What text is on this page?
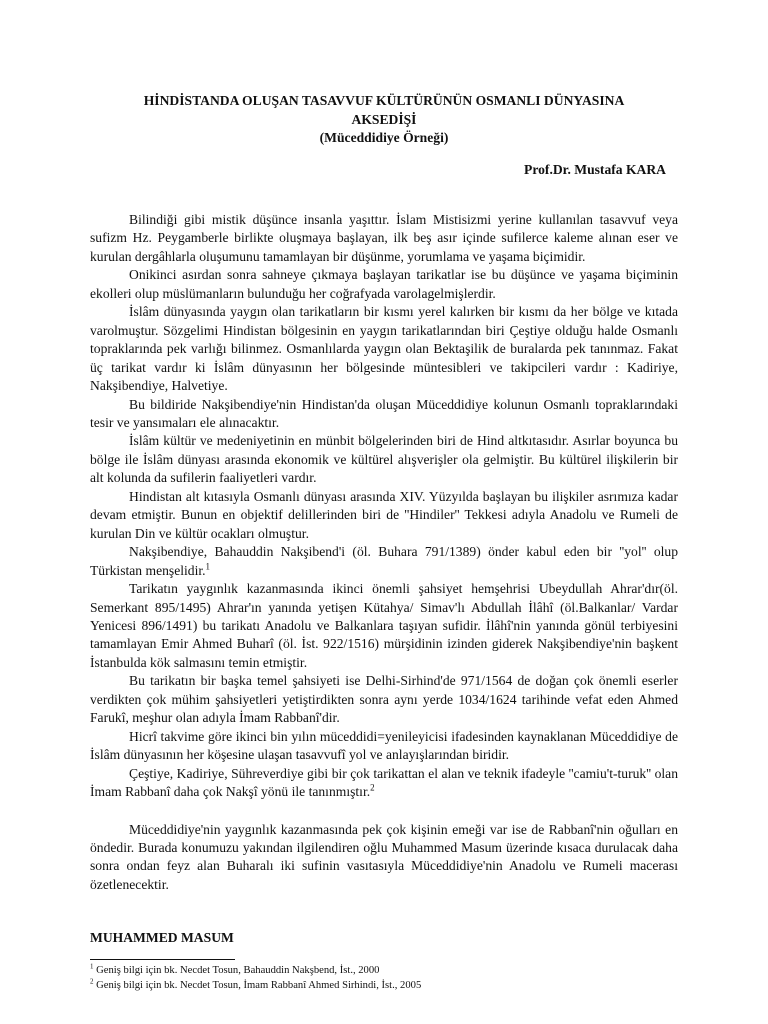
HİNDİSTANDA OLUŞAN TASAVVUF KÜLTÜRÜNÜN OSMANLI DÜNYASINA
AKSEDİŞİ
(Müceddidiye Örneği)
Prof.Dr. Mustafa KARA

Bilindiği gibi mistik düşünce insanla yaşıttır. İslam Mistisizmi yerine kullanılan tasavvuf veya sufizm Hz. Peygamberle birlikte oluşmaya başlayan, ilk beş asır içinde sufilerce kaleme alınan eser ve kurulan dergâhlarla oluşumunu tamamlayan bir düşünme, yorumlama ve yaşama biçimidir.

Onikinci asırdan sonra sahneye çıkmaya başlayan tarikatlar ise bu düşünce ve yaşama biçiminin ekolleri olup müslümanların bulunduğu her coğrafyada varolagelmişlerdir.

İslâm dünyasında yaygın olan tarikatların bir kısmı yerel kalırken bir kısmı da her bölge ve kıtada varolmuştur. Sözgelimi Hindistan bölgesinin en yaygın tarikatlarından biri Çeştiye olduğu halde Osmanlı topraklarında pek varlığı bilinmez. Osmanlılarda yaygın olan Bektaşilik de buralarda pek tanınmaz. Fakat üç tarikat vardır ki İslâm dünyasının her bölgesinde müntesibleri ve takipcileri vardır : Kadiriye, Nakşibendiye, Halvetiye.

Bu bildiride Nakşibendiye'nin Hindistan'da oluşan Müceddidiye kolunun Osmanlı topraklarındaki tesir ve yansımaları ele alınacaktır.

İslâm kültür ve medeniyetinin en münbit bölgelerinden biri de Hind altkıtasıdır. Asırlar boyunca bu bölge ile İslâm dünyası arasında ekonomik ve kültürel alışverişler ola gelmiştir. Bu kültürel ilişkilerin bir alt kolunda da sufilerin faaliyetleri vardır.

Hindistan alt kıtasıyla Osmanlı dünyası arasında XIV. Yüzyılda başlayan bu ilişkiler asrımıza kadar devam etmiştir. Bunun en objektif delillerinden biri de ''Hindiler'' Tekkesi adıyla Anadolu ve Rumeli de kurulan Din ve kültür ocakları olmuştur.

Nakşibendiye, Bahauddin Nakşibend'i (öl. Buhara 791/1389) önder kabul eden bir ''yol'' olup Türkistan menşelidir.$^1$

Tarikatın yaygınlık kazanmasında ikinci önemli şahsiyet hemşehrisi Ubeydullah Ahrar'dır(öl. Semerkant 895/1495) Ahrar'ın yanında yetişen Kütahya/ Simav'lı Abdullah İlâhî (öl.Balkanlar/ Vardar Yenicesi 896/1491) bu tarikatı Anadolu ve Balkanlara taşıyan sufidir. İlâhî'nin yanında gönül terbiyesini tamamlayan Emir Ahmed Buharî (öl. İst. 922/1516) mürşidinin izinden giderek Nakşibendiye'nin başkent İstanbulda kök salmasını temin etmiştir.

Bu tarikatın bir başka temel şahsiyeti ise Delhi-Sirhind'de 971/1564 de doğan çok önemli eserler verdikten çok mühim şahsiyetleri yetiştirdikten sonra aynı yerde 1034/1624 tarihinde vefat eden Ahmed Farukî, meşhur olan adıyla İmam Rabbanî'dir.

Hicrî takvime göre ikinci bin yılın müceddidi=yenileyicisi ifadesinden kaynaklanan Müceddidiye de İslâm dünyasının her köşesine ulaşan tasavvufî yol ve anlayışlarından biridir.

Çeştiye, Kadiriye, Sühreverdiye gibi bir çok tarikattan el alan ve teknik ifadeyle ''camiu't-turuk'' olan İmam Rabbanî daha çok Nakşî yönü ile tanınmıştır.$^2$

Müceddidiye'nin yaygınlık kazanmasında pek çok kişinin emeği var ise de Rabbanî'nin oğulları en öndedir. Burada konumuzu yakından ilgilendiren oğlu Muhammed Masum üzerinde kısaca durulacak daha sonra ondan feyz alan Buharalı iki sufinin vasıtasıyla Müceddidiye'nin Anadolu ve Rumeli macerası özetlenecektir.

MUHAMMED MASUM
$^1$ Geniş bilgi için bk. Necdet Tosun, Bahauddin Nakşbend, İst., 2000
$^2$ Geniş bilgi için bk. Necdet Tosun, İmam Rabbanî Ahmed Sirhindi, İst., 2005
